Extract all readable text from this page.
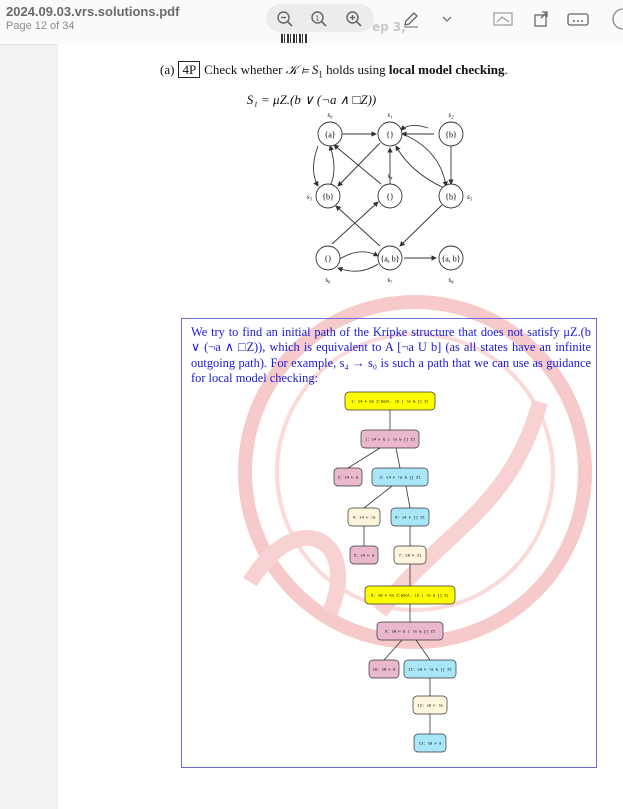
2024.09.03.vrs.solutions.pdf
Page 12 of 34
1
ep 3,
(a) 4P Check whether 𝒦 ⊨ $S_1$ holds using local model checking.
S₁ = μZ.(b ∨ (¬a ∧ □Z))
{a}
s₀
{}
s₁
{b}
s₂
{b}
s₃	{}
s₄
{b} s₅
{}
s₆
{a, b}
s₇
{a, b}
s₈
We try to find an initial path of the Kripke structure that does not satisfy μZ.(b ∨ (¬a ∧ □Z)), which is equivalent to A [¬a U b] (as all states have an infinite outgoing path). For example, s₄ → s₀ is such a path that we can use as guidance for local model checking:
1: s4 ⊢ mu Z:bool. (b | !a & [] Z)
1: s4 ⊢ b | !a & [] Z1
2: s4 ⊢ b	3: s4 ⊢ !a & [] Z1
4: s4 ⊢ !a	6: s4 ⊢ [] Z1
5: s4 ⊢ a	7: s0 ⊢ Z1
8: s0 ⊢ mu Z:bool. (b | !a & [] Z)
9: s0 ⊢ b | !a & [] Z1
10: s0 ⊢ b	11: s0 ⊢ !a & [] Z1
12: s0 ⊢ !a
13: s0 ⊢ a
